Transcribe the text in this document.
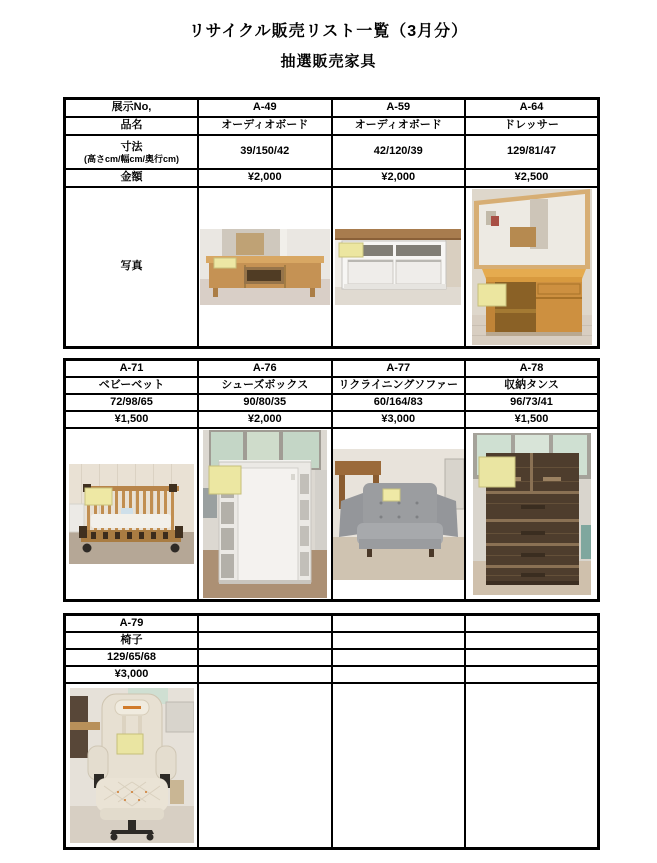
リサイクル販売リスト一覧（3月分）
抽選販売家具
展示No,	A-49	A-59	A-64
品名	オーディオボード	オーディオボード	ドレッサー

寸法
(高さcm/幅cm/奥行cm)	39/150/42	42/120/39	129/81/47
金額	¥2,000	¥2,000	¥2,500
写真	

A-71	A-76	A-77	A-78
ベビーベット	シューズボックス	リクライニングソファー	収納タンス
72/98/65	90/80/35	60/164/83	96/73/41
¥1,500	¥2,000	¥3,000	¥1,500

A-79			
椅子			
129/65/68			
¥3,000			
